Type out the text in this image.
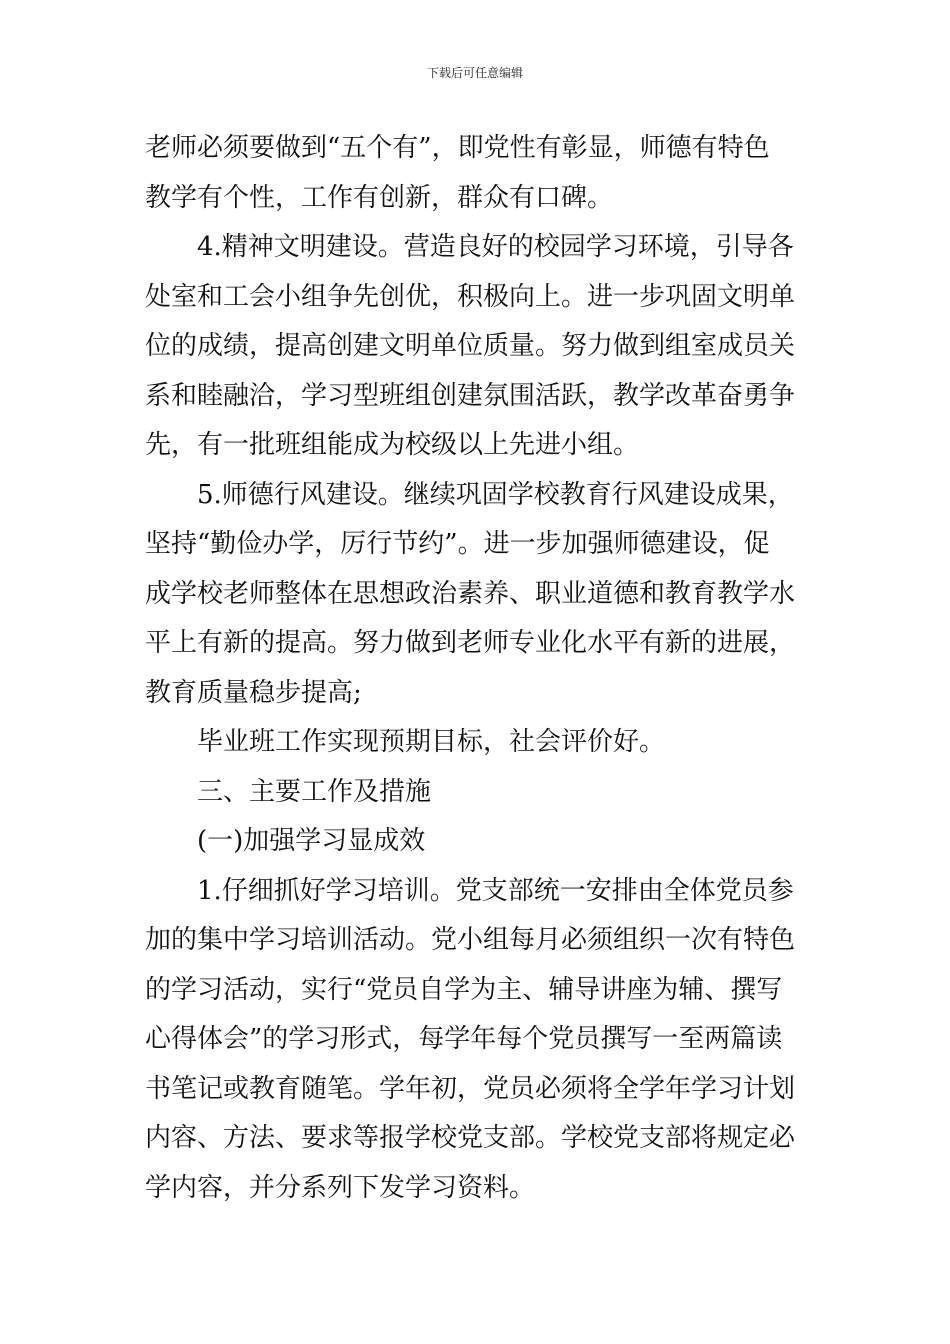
下载后可任意编辑
老师必须要做到“五个有”，即党性有彰显，师德有特色
教学有个性，工作有创新，群众有口碑。
4.精神文明建设。营造良好的校园学习环境，引导各
处室和工会小组争先创优，积极向上。进一步巩固文明单
位的成绩，提高创建文明单位质量。努力做到组室成员关
系和睦融洽，学习型班组创建氛围活跃，教学改革奋勇争
先，有一批班组能成为校级以上先进小组。
5.师德行风建设。继续巩固学校教育行风建设成果，
坚持“勤俭办学，厉行节约”。进一步加强师德建设，促
成学校老师整体在思想政治素养、职业道德和教育教学水
平上有新的提高。努力做到老师专业化水平有新的进展，
教育质量稳步提高;
毕业班工作实现预期目标，社会评价好。
三、主要工作及措施
(一)加强学习显成效
1.仔细抓好学习培训。党支部统一安排由全体党员参
加的集中学习培训活动。党小组每月必须组织一次有特色
的学习活动，实行“党员自学为主、辅导讲座为辅、撰写
心得体会”的学习形式，每学年每个党员撰写一至两篇读
书笔记或教育随笔。学年初，党员必须将全学年学习计划
内容、方法、要求等报学校党支部。学校党支部将规定必
学内容，并分系列下发学习资料。
